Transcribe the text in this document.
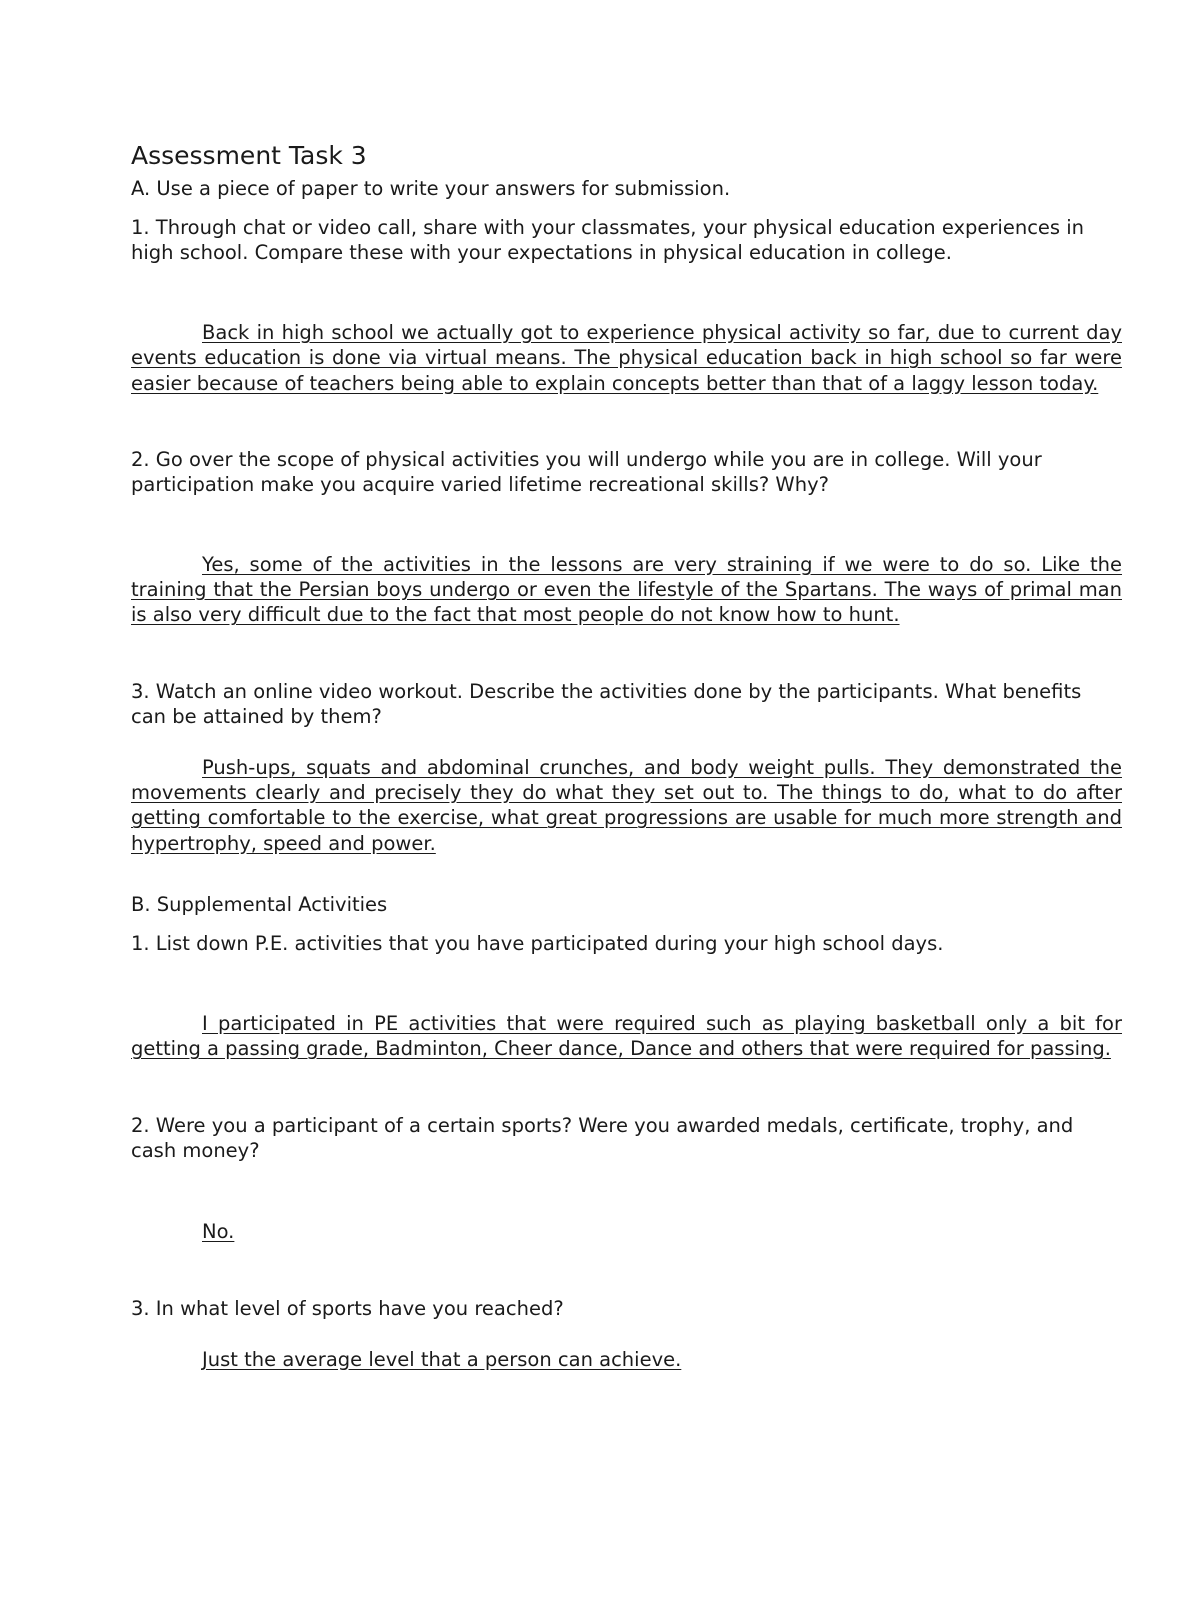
Assessment Task 3

A. Use a piece of paper to write your answers for submission.

1. Through chat or video call, share with your classmates, your physical education experiences in high school. Compare these with your expectations in physical education in college.

Back in high school we actually got to experience physical activity so far, due to current day events education is done via virtual means. The physical education back in high school so far were easier because of teachers being able to explain concepts better than that of a laggy lesson today.

2. Go over the scope of physical activities you will undergo while you are in college. Will your participation make you acquire varied lifetime recreational skills? Why?

Yes, some of the activities in the lessons are very straining if we were to do so. Like the training that the Persian boys undergo or even the lifestyle of the Spartans. The ways of primal man is also very difficult due to the fact that most people do not know how to hunt.

3. Watch an online video workout. Describe the activities done by the participants. What benefits can be attained by them?

Push-ups, squats and abdominal crunches, and body weight pulls. They demonstrated the movements clearly and precisely they do what they set out to. The things to do, what to do after getting comfortable to the exercise, what great progressions are usable for much more strength and hypertrophy, speed and power.

B. Supplemental Activities

1. List down P.E. activities that you have participated during your high school days.

I participated in PE activities that were required such as playing basketball only a bit for getting a passing grade, Badminton, Cheer dance, Dance and others that were required for passing.

2. Were you a participant of a certain sports? Were you awarded medals, certificate, trophy, and cash money?

No.

3. In what level of sports have you reached?

Just the average level that a person can achieve.
